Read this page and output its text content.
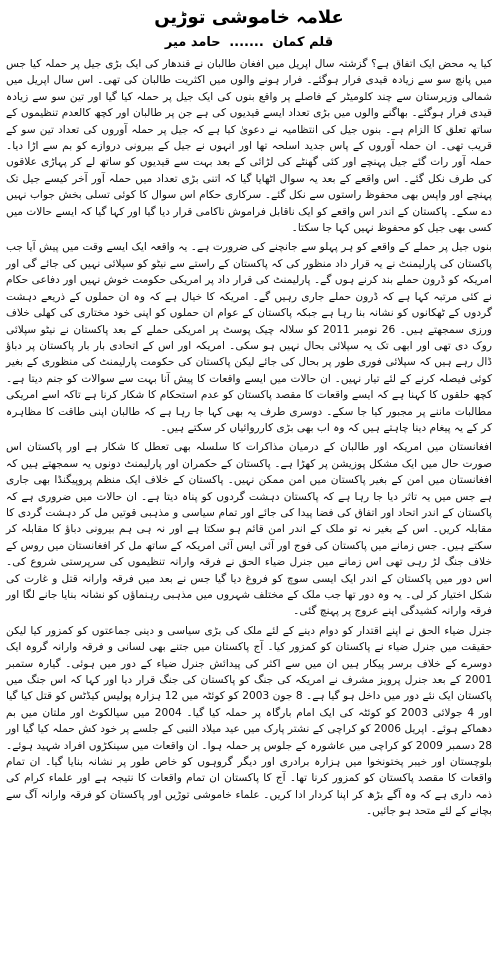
علامہ خاموشی توڑیں
قلم کمان ....... حامد میر

کیا یہ محض ایک اتفاق ہے؟ گزشتہ سال اپریل میں افغان طالبان نے قندھار کی ایک بڑی جیل پر حملہ کیا جس میں پانچ سو سے زیادہ قیدی فرار ہوگئے۔ فرار ہونے والوں میں اکثریت طالبان کی تھی۔ اس سال اپریل میں شمالی وزیرستان سے چند کلومیٹر کے فاصلے پر واقع بنوں کی ایک جیل پر حملہ کیا گیا اور تین سو سے زیادہ قیدی فرار ہوگئے۔ بھاگنے والوں میں بڑی تعداد ایسے قیدیوں کی ہے جن پر طالبان اور کچھ کالعدم تنظیموں کے ساتھ تعلق کا الزام ہے۔ بنوں جیل کی انتظامیہ نے دعویٰ کیا ہے کہ جیل پر حملہ آوروں کی تعداد تین سو کے قریب تھی۔ ان حملہ آوروں کے پاس جدید اسلحہ تھا اور انہوں نے جیل کے بیرونی دروازے کو بم سے اڑا دیا۔ حملہ آور رات گئے جیل پہنچے اور کئی گھنٹے کی لڑائی کے بعد بہت سے قیدیوں کو ساتھ لے کر پہاڑی علاقوں کی طرف نکل گئے۔ اس واقعے کے بعد یہ سوال اٹھایا گیا کہ اتنی بڑی تعداد میں حملہ آور آخر کیسے جیل تک پہنچے اور واپس بھی محفوظ راستوں سے نکل گئے۔ سرکاری حکام اس سوال کا کوئی تسلی بخش جواب نہیں دے سکے۔ پاکستان کے اندر اس واقعے کو ایک ناقابل فراموش ناکامی قرار دیا گیا اور کہا گیا کہ ایسے حالات میں کسی بھی جیل کو محفوظ نہیں کہا جا سکتا۔

بنوں جیل پر حملے کے واقعے کو ہر پہلو سے جانچنے کی ضرورت ہے۔ یہ واقعہ ایک ایسے وقت میں پیش آیا جب پاکستان کی پارلیمنٹ نے یہ قرار داد منظور کی کہ پاکستان کے راستے سے نیٹو کو سپلائی نہیں کی جائے گی اور امریکہ کو ڈرون حملے بند کرنے ہوں گے۔ پارلیمنٹ کی قرار داد پر امریکی حکومت خوش نہیں اور دفاعی حکام نے کئی مرتبہ کہا ہے کہ ڈرون حملے جاری رہیں گے۔ امریکہ کا خیال ہے کہ وہ ان حملوں کے ذریعے دہشت گردوں کے ٹھکانوں کو نشانہ بنا رہا ہے جبکہ پاکستان کے عوام ان حملوں کو اپنی خود مختاری کی کھلی خلاف ورزی سمجھتے ہیں۔ 26 نومبر 2011 کو سلالہ چیک پوسٹ پر امریکی حملے کے بعد پاکستان نے نیٹو سپلائی روک دی تھی اور ابھی تک یہ سپلائی بحال نہیں ہو سکی۔ امریکہ اور اس کے اتحادی بار بار پاکستان پر دباؤ ڈال رہے ہیں کہ سپلائی فوری طور پر بحال کی جائے لیکن پاکستان کی حکومت پارلیمنٹ کی منظوری کے بغیر کوئی فیصلہ کرنے کے لئے تیار نہیں۔ ان حالات میں ایسے واقعات کا پیش آنا بہت سے سوالات کو جنم دیتا ہے۔ کچھ حلقوں کا کہنا ہے کہ ایسے واقعات کا مقصد پاکستان کو عدم استحکام کا شکار کرنا ہے تاکہ اسے امریکی مطالبات ماننے پر مجبور کیا جا سکے۔ دوسری طرف یہ بھی کہا جا رہا ہے کہ طالبان اپنی طاقت کا مظاہرہ کر کے یہ پیغام دینا چاہتے ہیں کہ وہ اب بھی بڑی کارروائیاں کر سکتے ہیں۔

افغانستان میں امریکہ اور طالبان کے درمیان مذاکرات کا سلسلہ بھی تعطل کا شکار ہے اور پاکستان اس صورت حال میں ایک مشکل پوزیشن پر کھڑا ہے۔ پاکستان کے حکمران اور پارلیمنٹ دونوں یہ سمجھتے ہیں کہ افغانستان میں امن کے بغیر پاکستان میں امن ممکن نہیں۔ پاکستان کے خلاف ایک منظم پروپیگنڈا بھی جاری ہے جس میں یہ تاثر دیا جا رہا ہے کہ پاکستان دہشت گردوں کو پناہ دیتا ہے۔ ان حالات میں ضروری ہے کہ پاکستان کے اندر اتحاد اور اتفاق کی فضا پیدا کی جائے اور تمام سیاسی و مذہبی قوتیں مل کر دہشت گردی کا مقابلہ کریں۔ اس کے بغیر نہ تو ملک کے اندر امن قائم ہو سکتا ہے اور نہ ہی ہم بیرونی دباؤ کا مقابلہ کر سکتے ہیں۔ جس زمانے میں پاکستان کی فوج اور آئی ایس آئی امریکہ کے ساتھ مل کر افغانستان میں روس کے خلاف جنگ لڑ رہی تھی اس زمانے میں جنرل ضیاء الحق نے فرقہ وارانہ تنظیموں کی سرپرستی شروع کی۔ اس دور میں پاکستان کے اندر ایک ایسی سوچ کو فروغ دیا گیا جس نے بعد میں فرقہ وارانہ قتل و غارت کی شکل اختیار کر لی۔ یہ وہ دور تھا جب ملک کے مختلف شہروں میں مذہبی رہنماؤں کو نشانہ بنایا جانے لگا اور فرقہ وارانہ کشیدگی اپنے عروج پر پہنچ گئی۔

جنرل ضیاء الحق نے اپنے اقتدار کو دوام دینے کے لئے ملک کی بڑی سیاسی و دینی جماعتوں کو کمزور کیا لیکن حقیقت میں جنرل ضیاء نے پاکستان کو کمزور کیا۔ آج پاکستان میں جتنے بھی لسانی و فرقہ وارانہ گروہ ایک دوسرے کے خلاف برسر پیکار ہیں ان میں سے اکثر کی پیدائش جنرل ضیاء کے دور میں ہوئی۔ گیارہ ستمبر 2001 کے بعد جنرل پرویز مشرف نے امریکہ کی جنگ کو پاکستان کی جنگ قرار دیا اور کہا کہ اس جنگ میں پاکستان ایک نئے دور میں داخل ہو گیا ہے۔ 8 جون 2003 کو کوئٹہ میں 12 ہزارہ پولیس کیڈٹس کو قتل کیا گیا اور 4 جولائی 2003 کو کوئٹہ کی ایک امام بارگاہ پر حملہ کیا گیا۔ 2004 میں سیالکوٹ اور ملتان میں بم دھماکے ہوئے۔ اپریل 2006 کو کراچی کے نشتر پارک میں عید میلاد النبی کے جلسے پر خود کش حملہ کیا گیا اور 28 دسمبر 2009 کو کراچی میں عاشورہ کے جلوس پر حملہ ہوا۔ ان واقعات میں سینکڑوں افراد شہید ہوئے۔ بلوچستان اور خیبر پختونخوا میں ہزارہ برادری اور دیگر گروہوں کو خاص طور پر نشانہ بنایا گیا۔ ان تمام واقعات کا مقصد پاکستان کو کمزور کرنا تھا۔ آج کا پاکستان ان تمام واقعات کا نتیجہ ہے اور علماء کرام کی ذمہ داری ہے کہ وہ آگے بڑھ کر اپنا کردار ادا کریں۔ علماء خاموشی توڑیں اور پاکستان کو فرقہ وارانہ آگ سے بچانے کے لئے متحد ہو جائیں۔
